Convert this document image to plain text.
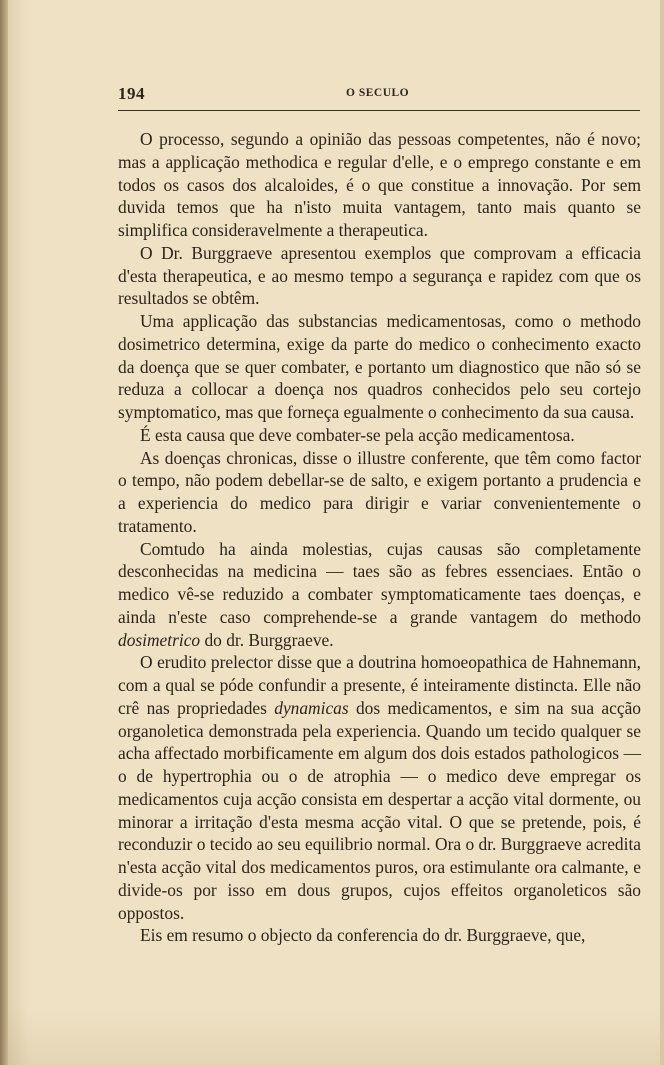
194	O SECULO

O processo, segundo a opinião das pessoas competentes, não é novo; mas a applicação methodica e regular d'elle, e o emprego constante e em todos os casos dos alcaloides, é o que constitue a innovação. Por sem duvida temos que ha n'isto muita vantagem, tanto mais quanto se simplifica consideravelmente a therapeutica.

O Dr. Burggraeve apresentou exemplos que comprovam a efficacia d'esta therapeutica, e ao mesmo tempo a segurança e rapidez com que os resultados se obtêm.

Uma applicação das substancias medicamentosas, como o methodo dosimetrico determina, exige da parte do medico o conhecimento exacto da doença que se quer combater, e portanto um diagnostico que não só se reduza a collocar a doença nos quadros conhecidos pelo seu cortejo symptomatico, mas que forneça egualmente o conhecimento da sua causa.

É esta causa que deve combater-se pela acção medicamentosa.

As doenças chronicas, disse o illustre conferente, que têm como factor o tempo, não podem debellar-se de salto, e exigem portanto a prudencia e a experiencia do medico para dirigir e variar convenientemente o tratamento.

Comtudo ha ainda molestias, cujas causas são completamente desconhecidas na medicina — taes são as febres essenciaes. Então o medico vê-se reduzido a combater symptomaticamente taes doenças, e ainda n'este caso comprehende-se a grande vantagem do methodo dosimetrico do dr. Burggraeve.

O erudito prelector disse que a doutrina homoeopathica de Hahnemann, com a qual se póde confundir a presente, é inteiramente distincta. Elle não crê nas propriedades dynamicas dos medicamentos, e sim na sua acção organoletica demonstrada pela experiencia. Quando um tecido qualquer se acha affectado morbificamente em algum dos dois estados pathologicos — o de hypertrophia ou o de atrophia — o medico deve empregar os medicamentos cuja acção consista em despertar a acção vital dormente, ou minorar a irritação d'esta mesma acção vital. O que se pretende, pois, é reconduzir o tecido ao seu equilibrio normal. Ora o dr. Burggraeve acredita n'esta acção vital dos medicamentos puros, ora estimulante ora calmante, e divide-os por isso em dous grupos, cujos effeitos organoleticos são oppostos.

Eis em resumo o objecto da conferencia do dr. Burggraeve, que,
